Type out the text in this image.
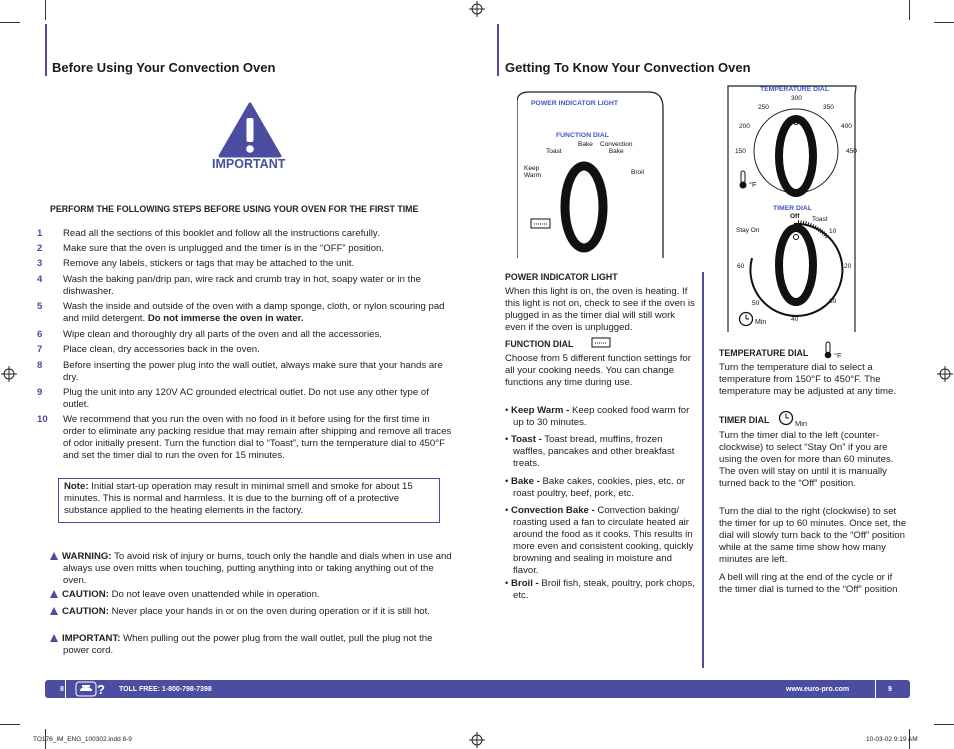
Before Using Your Convection Oven
IMPORTANT
PERFORM THE FOLLOWING STEPS BEFORE USING YOUR OVEN FOR THE FIRST TIME
1 Read all the sections of this booklet and follow all the instructions carefully.
2 Make sure that the oven is unplugged and the timer is in the “OFF” position.
3 Remove any labels, stickers or tags that may be attached to the unit.
4 Wash the baking pan/drip pan, wire rack and crumb tray in hot, soapy water or in the dishwasher.
5 Wash the inside and outside of the oven with a damp sponge, cloth, or nylon scouring pad and mild detergent. Do not immerse the oven in water.
6 Wipe clean and thoroughly dry all parts of the oven and all the accessories.
7 Place clean, dry accessories back in the oven.
8 Before inserting the power plug into the wall outlet, always make sure that your hands are dry.
9 Plug the unit into any 120V AC grounded electrical outlet. Do not use any other type of outlet.
10 We recommend that you run the oven with no food in it before using for the first time in order to eliminate any packing residue that may remain after shipping and remove all traces of odor initially present. Turn the function dial to “Toast”, turn the temperature dial to 450°F and set the timer dial to run the oven for 15 minutes.
Note: Initial start-up operation may result in minimal smell and smoke for about 15 minutes. This is normal and harmless. It is due to the burning off of a protective substance applied to the heating elements in the factory.
WARNING: To avoid risk of injury or burns, touch only the handle and dials when in use and always use oven mitts when touching, putting anything into or taking anything out of the oven.
CAUTION: Do not leave oven unattended while in operation.
CAUTION: Never place your hands in or on the oven during operation or if it is still hot.
IMPORTANT: When pulling out the power plug from the wall outlet, pull the plug not the power cord.
Getting To Know Your Convection Oven
POWER INDICATOR LIGHT
FUNCTION DIAL
Bake Convection
Bake
Toast
Keep
Warm	Broil
TEMPERATURE DIAL
300
250	350
200	400
150	450
°F
TIMER DIAL
Off Toast
Stay On	10
20
30
40
50
60
Min
POWER INDICATOR LIGHT
When this light is on, the oven is heating. If this light is not on, check to see if the oven is plugged in as the timer dial will still work even if the oven is unplugged.
FUNCTION DIAL
Choose from 5 different function settings for all your cooking needs. You can change functions any time during use.
• Keep Warm - Keep cooked food warm for up to 30 minutes.
• Toast - Toast bread, muffins, frozen waffles, pancakes and other breakfast treats.
• Bake - Bake cakes, cookies, pies, etc. or roast poultry, beef, pork, etc.
• Convection Bake - Convection baking/ roasting used a fan to circulate heated air around the food as it cooks. This results in more even and consistent cooking, quickly browning and sealing in moisture and flavor.
• Broil - Broil fish, steak, poultry, pork chops, etc.
TEMPERATURE DIAL	°F
Turn the temperature dial to select a temperature from 150°F to 450°F. The temperature may be adjusted at any time.
TIMER DIAL	Min
Turn the timer dial to the left (counter-clockwise) to select “Stay On” if you are using the oven for more than 60 minutes. The oven will stay on until it is manually turned back to the “Off” position.
Turn the dial to the right (clockwise) to set the timer for up to 60 minutes. Once set, the dial will slowly turn back to the “Off” position while at the same time show how many minutes are left.
A bell will ring at the end of the cycle or if the timer dial is turned to the “Off” position
8	? TOLL FREE: 1-800-798-7398	www.euro-pro.com	9
TO176_IM_ENG_100302.indd 8-9	10-03-02 9:19 AM
